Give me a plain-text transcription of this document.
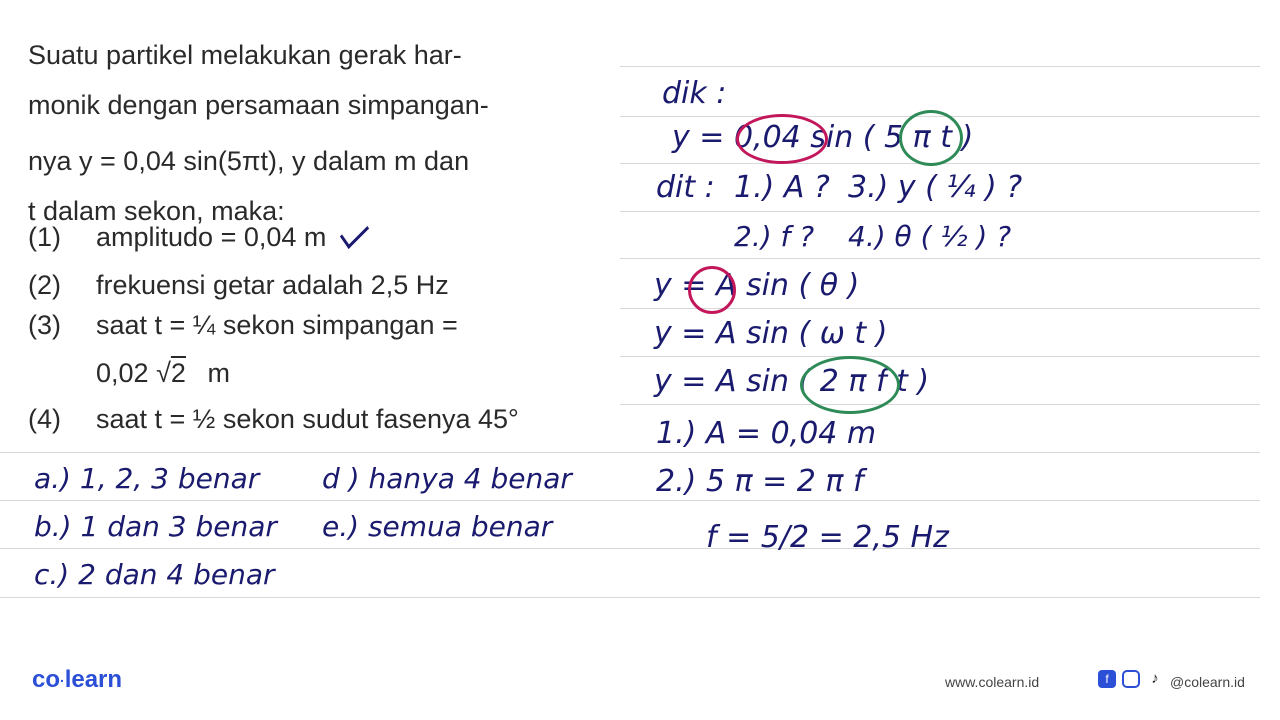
Suatu partikel melakukan gerak har-

monik dengan persamaan simpangan-

nya y = 0,04 sin(5πt), y dalam m dan

t dalam sekon, maka:

(1) amplitudo = 0,04 m
(2) frekuensi getar adalah 2,5 Hz
(3) saat t = ¼ sekon simpangan =
0,02 √ 2 m
(4) saat t = ½ sekon sudut fasenya 45°
a.) 1, 2, 3 benar d ) hanya 4 benar
b.) 1 dan 3 benar e.) semua benar
c.) 2 dan 4 benar
dik :
y = 0,04 sin ( 5 π t )
dit : 1.) A ? 3.) y ( ¼ ) ?
2.) f ? 4.) θ ( ½ ) ?
y = A sin ( θ )
y = A sin ( ω t )
y = A sin ( 2 π f t )
1.) A = 0,04 m
2.) 5 π = 2 π f
f = 5/2 = 2,5 Hz
co·learn	www.colearn.id	f	♪ @colearn.id
